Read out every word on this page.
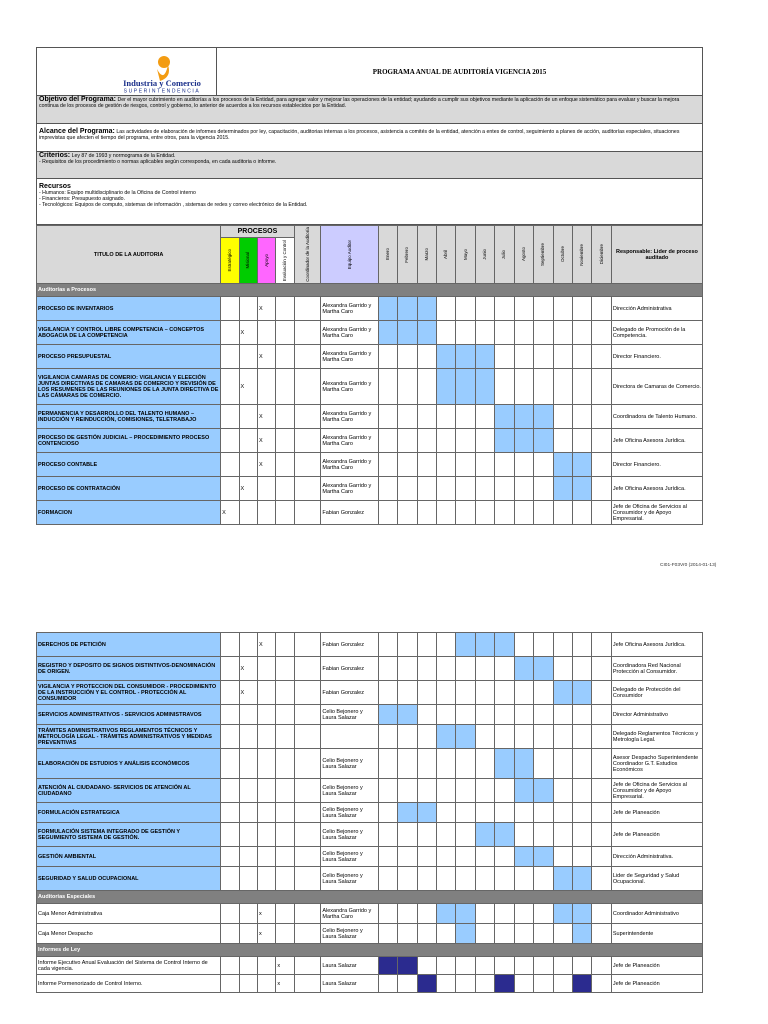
Industria y Comercio
SUPERINTENDENCIA
PROGRAMA ANUAL DE AUDITORÍA VIGENCIA 2015
Objetivo del Programa: Der el mayor cubrimiento en auditorías a los procesos de la Entidad, para agregar valor y mejorar las operaciones de la entidad; ayudando a cumplir sus objetivos mediante la aplicación de un enfoque sistemático para evaluar y buscar la mejora continua de los procesos de gestión de riesgos, control y gobierno, lo anterior de acuerdos a los recursos establecidos por la Entidad.
Alcance del Programa: Las actividades de elaboración de informes determinados por ley, capacitación, auditorias internas a los procesos, asistencia a comités de la entidad, atención a entes de control, seguimiento a planes de acción, auditorías especiales, situaciones imprevistas que afecten el tiempo del programa, entre otros, para la vigencia 2015.
Criterios: Ley 87 de 1993 y normograma de la Entidad.
- Requisitos de los procedimiento o normas aplicables según corresponda, en cada auditoria o informe.
Recursos
- Humanos: Equipo multidisciplinario de la Oficina de Control interno
- Financieros: Presupuesto asignado.
- Tecnológicos: Equipos de computo, sistemas de información , sistemas de redes y correo electrónico de la Entidad.
TITULO DE LA AUDITORIA	PROCESOS				Coordinador de la Auditoría	Equipo Auditor	Enero	Febrero	Marzo	Abril	Mayo	Junio	Julio	Agosto	Septiembre	Octubre	Noviembre	Diciembre	Responsable: Lider de proceso auditado

	Estratégico	Misional	Apoyo	Evaluación y Control															

Auditorías a Procesos																			
PROCESO DE INVENTARIOS			X			Alexandra Garrido y Martha Caro													Dirección Administrativa
VIGILANCIA Y CONTROL LIBRE COMPETENCIA – CONCEPTOS ABOGACIA DE LA COMPETENCIA		X				Alexandra Garrido y Martha Caro													Delegado de Promoción de la Competencia.
PROCESO PRESUPUESTAL			X			Alexandra Garrido y Martha Caro													Director Financiero.
VIGILANCIA CAMARAS DE COMERIO: VIGILANCIA Y ELEECIÓN JUNTAS DIRECTIVAS DE CAMARAS DE COMERCIO Y REVISIÓN DE LOS RESUMENES DE LAS REUNIONES DE LA JUNTA DIRECTIVA DE LAS CÁMARAS DE COMERCIO.		X				Alexandra Garrido y Martha Caro													Directora de Camaras de Comercio.
PERMANENCIA Y DESARROLLO DEL TALENTO HUMANO – INDUCCIÓN Y REINDUCCIÓN, COMISIONES, TELETRABAJO			X			Alexandra Garrido y Martha Caro													Coordinadora de Talento Humano.
PROCESO DE GESTIÓN JUDICIAL – PROCEDIMIENTO PROCESO CONTENCIOSO			X			Alexandra Garrido y Martha Caro													Jefe Oficina Asesora Jurídica.
PROCESO CONTABLE			X			Alexandra Garrido y Martha Caro													Director Financiero.
PROCESO DE CONTRATACIÓN		X				Alexandra Garrido y Martha Caro													Jefe Oficina Asesora Jurídica.
FORMACION	X					Fabian Gonzalez													Jefe de Oficina de Servicios al Consumidor y de Apoyo Empresarial.
CI01-F03Vr0 (2014-01-13)
DERECHOS DE PETICIÓN			X			Fabian Gonzalez													Jefe Oficina Asesora Jurídica.
REGISTRO Y DEPOSITO DE SIGNOS DISTINTIVOS-DENOMINACIÓN DE ORIGEN.		X				Fabian Gonzalez													Coordinadora Red Nacional Protección al Consumidor.
VIGILANCIA Y PROTECCION DEL CONSUMIDOR - PROCEDIMIENTO DE LA INSTRUCCIÓN Y EL CONTROL - PROTECCIÓN AL CONSUMIDOR		X				Fabian Gonzalez													Delegado de Protección del Consumidor
SERVICIOS ADMINISTRATIVOS - SERVICIOS ADMINISTRAVOS						Celio Bejonero y Laura Salazar													Director Administrativo
TRÁMITES ADMINISTRATIVOS REGLAMENTOS TÉCNICOS Y METROLOGÍA LEGAL - TRÁMITES ADMINISTRATIVOS Y MEDIDAS PREVENTIVAS																			Delegado Reglamentos Técnicos y Metrología Legal.
ELABORACIÓN DE ESTUDIOS Y ANÁLISIS ECONÓMICOS						Celio Bejonero y Laura Salazar													Asesor Despacho Superintendente Coordinador G.T. Estudios Económicos
ATENCIÓN AL CIUDADANO- SERVICIOS DE ATENCIÓN AL CIUDADANO						Celio Bejonero y Laura Salazar													Jefe de Oficina de Servicios al Consumidor y de Apoyo Empresarial.
FORMULACIÓN ESTRATEGICA						Celio Bejonero y Laura Salazar													Jefe de Planeación
FORMULACIÓN SISTEMA INTEGRADO DE GESTIÓN Y SEGUIMIENTO SISTEMA DE GESTIÓN.						Celio Bejonero y Laura Salazar													Jefe de Planeación
GESTIÓN AMBIENTAL						Celio Bejonero y Laura Salazar													Dirección Administrativa.
SEGURIDAD Y SALUD OCUPACIONAL						Celio Bejonero y Laura Salazar													Lider de Seguridad y Salud Ocupacional.
Auditorias Especiales																			
Caja Menor Administrativa			x			Alexandra Garrido y Martha Caro													Coordinador Administrativo
Caja Menor Despacho			x			Celio Bejonero y Laura Salazar													Superintendente
Informes de Ley																			
Informe Ejecutivo Anual Evaluación del Sistema de Control Interno de cada vigencia.				x		Laura Salazar													Jefe de Planeación
Informe Pormenorizado de Control Interno.				x		Laura Salazar													Jefe de Planeación
